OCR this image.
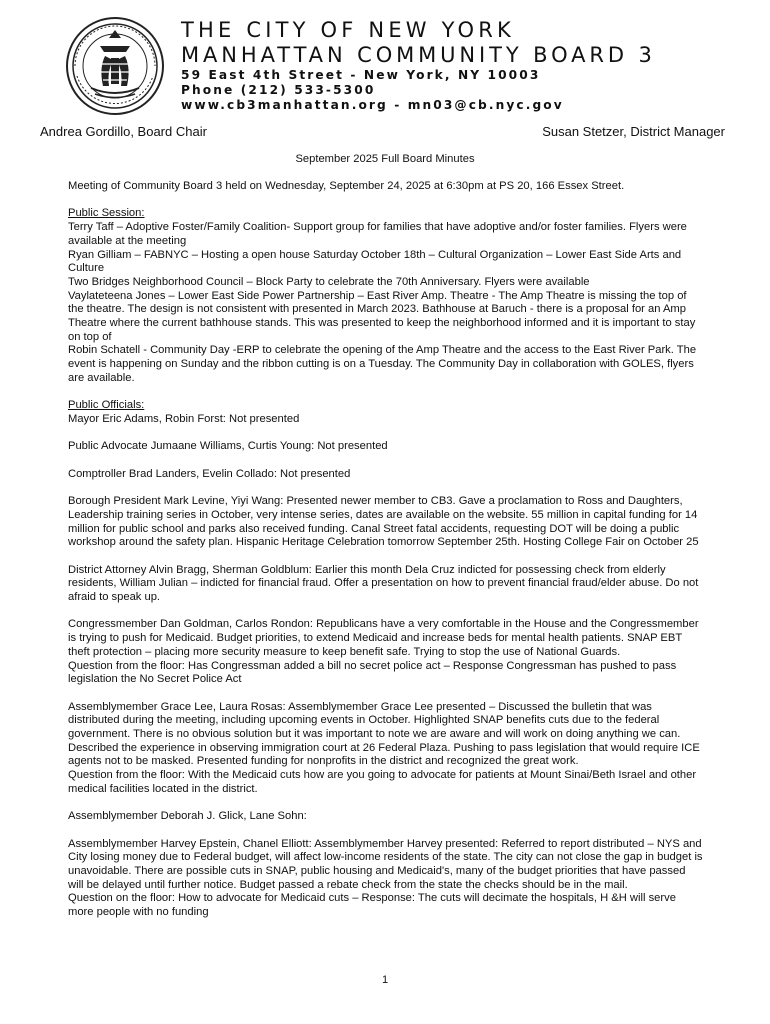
THE CITY OF NEW YORK
MANHATTAN COMMUNITY BOARD 3
59 East 4th Street - New York, NY 10003
Phone (212) 533-5300
www.cb3manhattan.org - mn03@cb.nyc.gov
Andrea Gordillo, Board Chair	Susan Stetzer, District Manager
September 2025 Full Board Minutes

Meeting of Community Board 3 held on Wednesday, September 24, 2025 at 6:30pm at PS 20, 166 Essex Street.

Public Session:

Terry Taff – Adoptive Foster/Family Coalition- Support group for families that have adoptive and/or foster families. Flyers were available at the meeting

Ryan Gilliam – FABNYC – Hosting a open house Saturday October 18th – Cultural Organization – Lower East Side Arts and Culture

Two Bridges Neighborhood Council – Block Party to celebrate the 70th Anniversary. Flyers were available

Vaylateteena Jones – Lower East Side Power Partnership – East River Amp. Theatre - The Amp Theatre is missing the top of the theatre. The design is not consistent with presented in March 2023. Bathhouse at Baruch - there is a proposal for an Amp Theatre where the current bathhouse stands. This was presented to keep the neighborhood informed and it is important to stay on top of

Robin Schatell - Community Day -ERP to celebrate the opening of the Amp Theatre and the access to the East River Park. The event is happening on Sunday and the ribbon cutting is on a Tuesday. The Community Day in collaboration with GOLES, flyers are available.

Public Officials:

Mayor Eric Adams, Robin Forst: Not presented

Public Advocate Jumaane Williams, Curtis Young: Not presented

Comptroller Brad Landers, Evelin Collado: Not presented

Borough President Mark Levine, Yiyi Wang: Presented newer member to CB3. Gave a proclamation to Ross and Daughters, Leadership training series in October, very intense series, dates are available on the website. 55 million in capital funding for 14 million for public school and parks also received funding. Canal Street fatal accidents, requesting DOT will be doing a public workshop around the safety plan. Hispanic Heritage Celebration tomorrow September 25th. Hosting College Fair on October 25

District Attorney Alvin Bragg, Sherman Goldblum: Earlier this month Dela Cruz indicted for possessing check from elderly residents, William Julian – indicted for financial fraud. Offer a presentation on how to prevent financial fraud/elder abuse. Do not afraid to speak up.

Congressmember Dan Goldman, Carlos Rondon: Republicans have a very comfortable in the House and the Congressmember is trying to push for Medicaid. Budget priorities, to extend Medicaid and increase beds for mental health patients. SNAP EBT theft protection – placing more security measure to keep benefit safe. Trying to stop the use of National Guards.

Question from the floor: Has Congressman added a bill no secret police act – Response Congressman has pushed to pass legislation the No Secret Police Act

Assemblymember Grace Lee, Laura Rosas: Assemblymember Grace Lee presented – Discussed the bulletin that was distributed during the meeting, including upcoming events in October. Highlighted SNAP benefits cuts due to the federal government. There is no obvious solution but it was important to note we are aware and will work on doing anything we can. Described the experience in observing immigration court at 26 Federal Plaza. Pushing to pass legislation that would require ICE agents not to be masked. Presented funding for nonprofits in the district and recognized the great work.

Question from the floor: With the Medicaid cuts how are you going to advocate for patients at Mount Sinai/Beth Israel and other medical facilities located in the district.

Assemblymember Deborah J. Glick, Lane Sohn:

Assemblymember Harvey Epstein, Chanel Elliott: Assemblymember Harvey presented: Referred to report distributed – NYS and City losing money due to Federal budget, will affect low-income residents of the state. The city can not close the gap in budget is unavoidable. There are possible cuts in SNAP, public housing and Medicaid's, many of the budget priorities that have passed will be delayed until further notice. Budget passed a rebate check from the state the checks should be in the mail.

Question on the floor: How to advocate for Medicaid cuts – Response: The cuts will decimate the hospitals, H &H will serve more people with no funding

1
